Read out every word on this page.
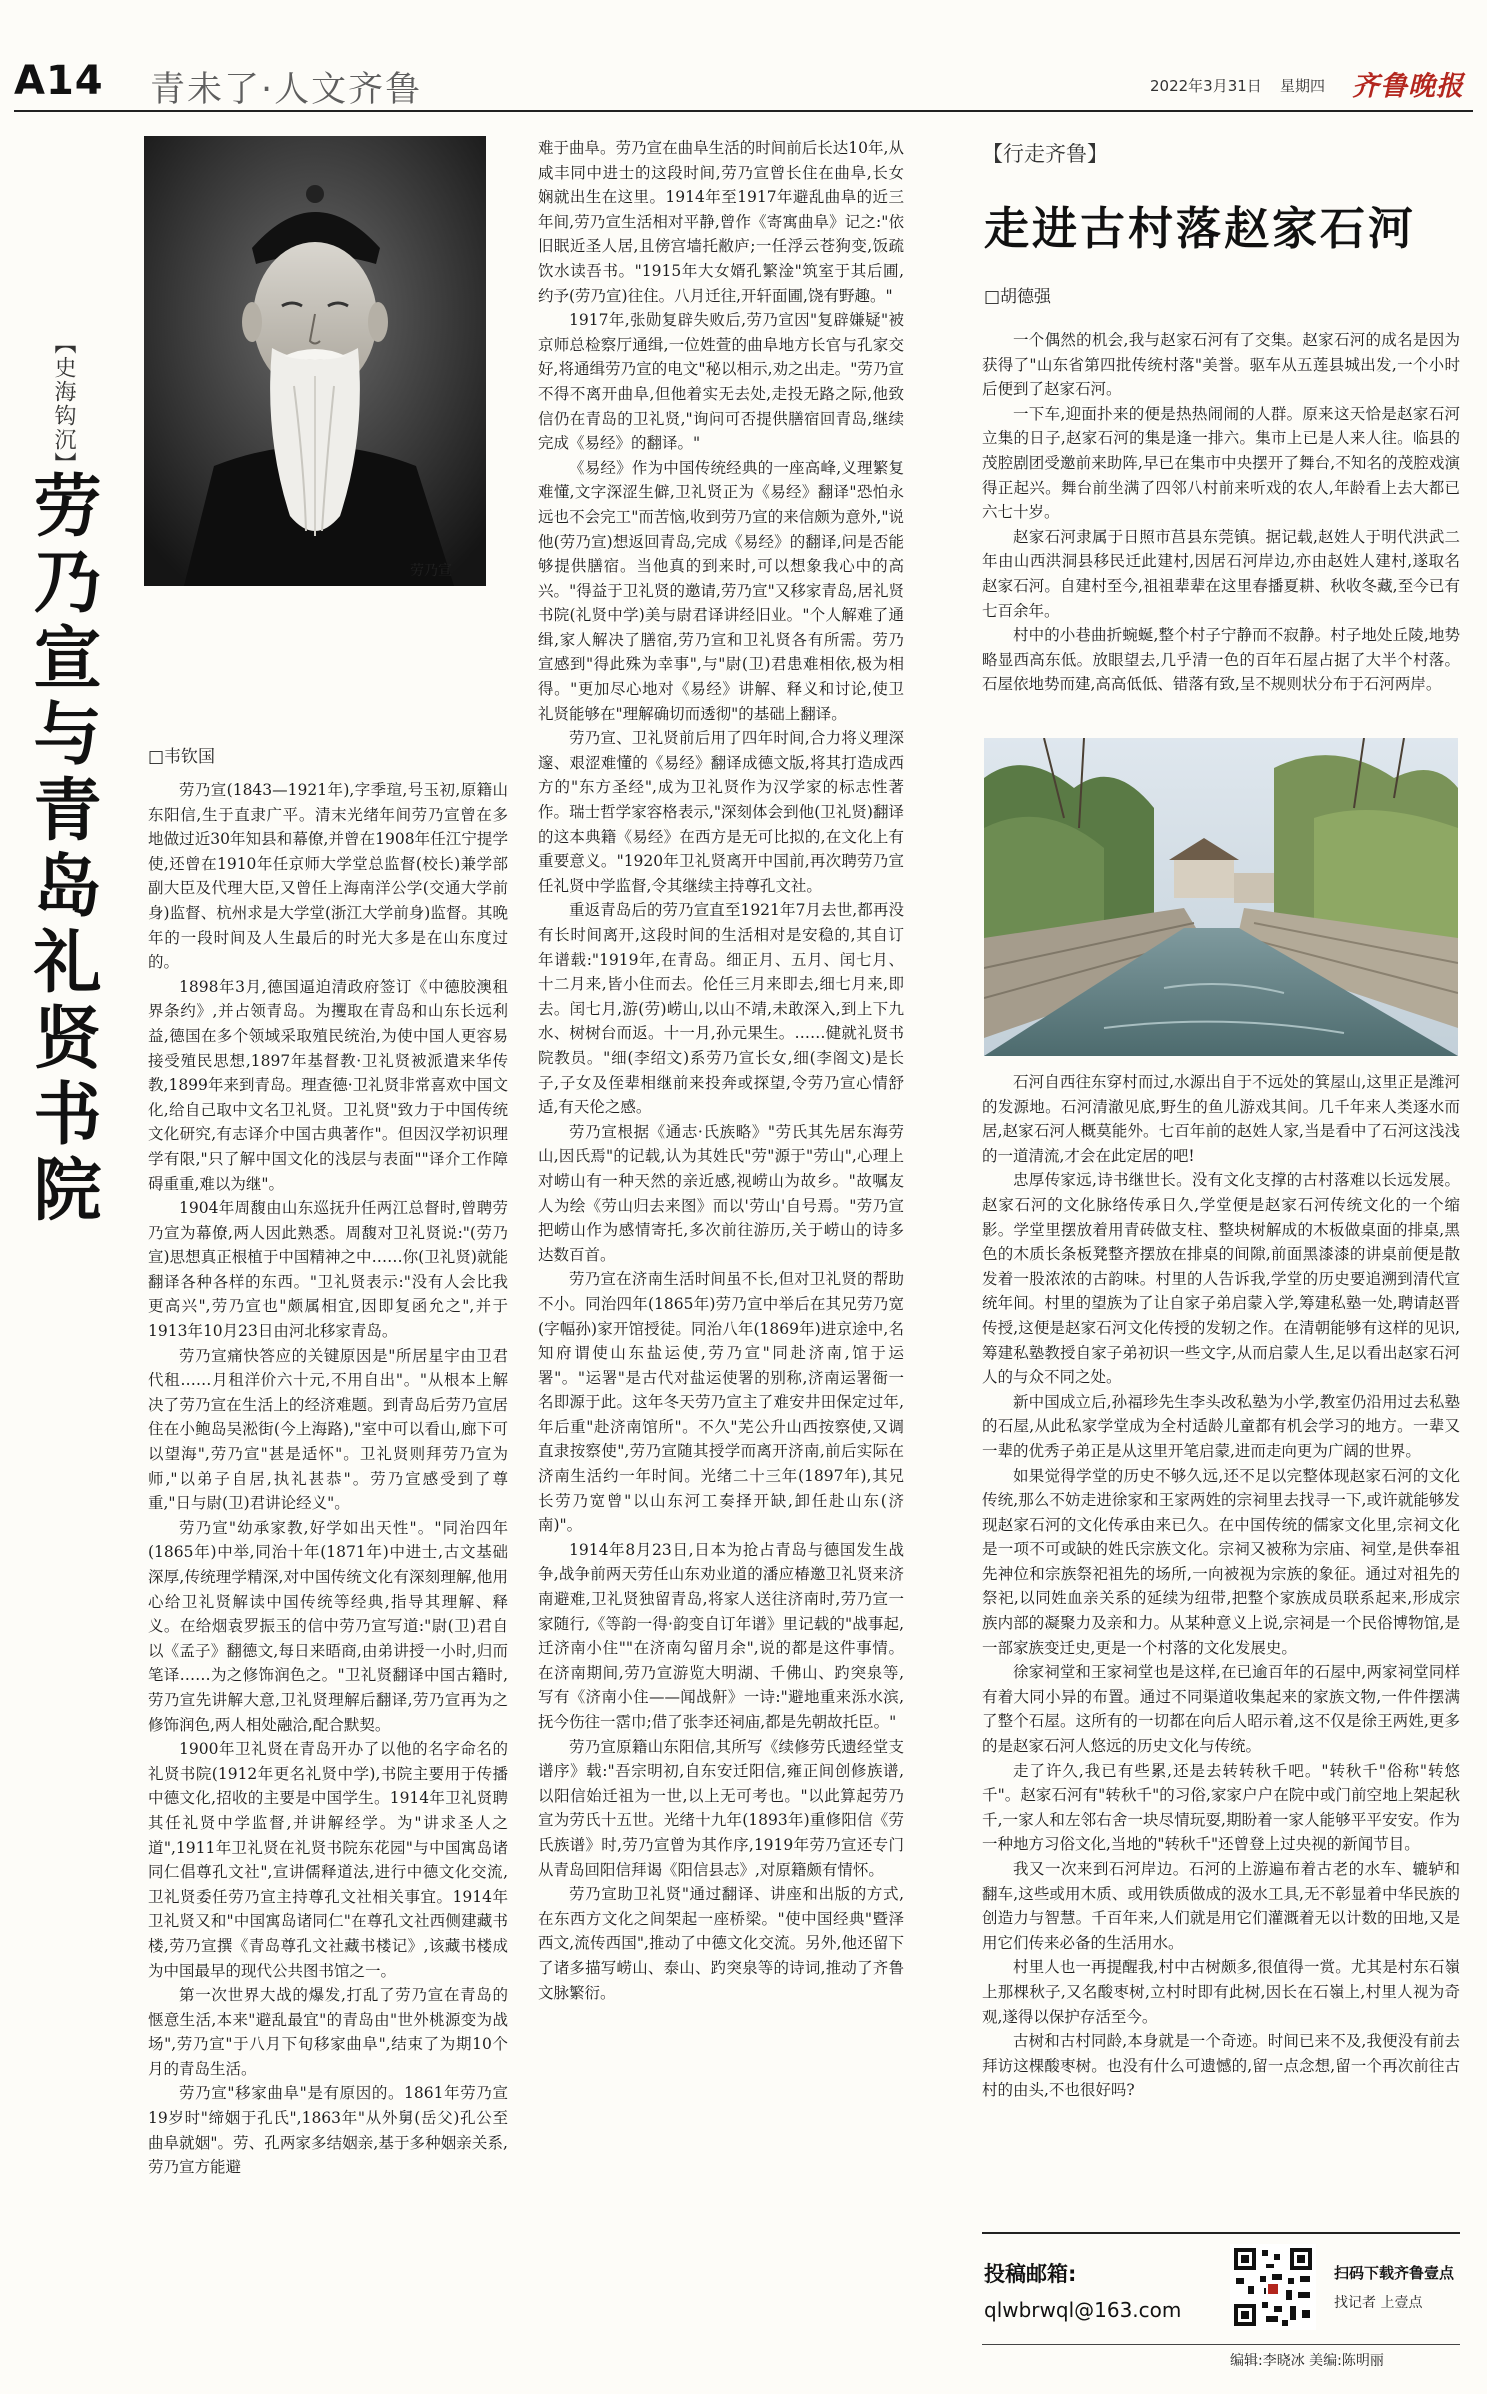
A14 青未了·人文齐鲁	2022年3月31日 星期四 齐鲁晚报
【史海钩沉】
劳乃宣与青岛礼贤书院	劳乃宣
□韦钦国

劳乃宣(1843—1921年),字季瑄,号玉初,原籍山东阳信,生于直隶广平。清末光绪年间劳乃宣曾在多地做过近30年知县和幕僚,并曾在1908年任江宁提学使,还曾在1910年任京师大学堂总监督(校长)兼学部副大臣及代理大臣,又曾任上海南洋公学(交通大学前身)监督、杭州求是大学堂(浙江大学前身)监督。其晚年的一段时间及人生最后的时光大多是在山东度过的。

1898年3月,德国逼迫清政府签订《中德胶澳租界条约》,并占领青岛。为攫取在青岛和山东长远利益,德国在多个领域采取殖民统治,为使中国人更容易接受殖民思想,1897年基督教·卫礼贤被派遣来华传教,1899年来到青岛。理查德·卫礼贤非常喜欢中国文化,给自己取中文名卫礼贤。卫礼贤"致力于中国传统文化研究,有志译介中国古典著作"。但因汉学初识理学有限,"只了解中国文化的浅层与表面""译介工作障碍重重,难以为继"。

1904年周馥由山东巡抚升任两江总督时,曾聘劳乃宣为幕僚,两人因此熟悉。周馥对卫礼贤说:"(劳乃宣)思想真正根植于中国精神之中……你(卫礼贤)就能翻译各种各样的东西。"卫礼贤表示:"没有人会比我更高兴",劳乃宣也"颇属相宜,因即复函允之",并于1913年10月23日由河北移家青岛。

劳乃宣痛快答应的关键原因是"所居星宇由卫君代租……月租洋价六十元,不用自出"。"从根本上解决了劳乃宣在生活上的经济难题。到青岛后劳乃宣居住在小鲍岛吴淞街(今上海路),"室中可以看山,廊下可以望海",劳乃宣"甚是适怀"。卫礼贤则拜劳乃宣为师,"以弟子自居,执礼甚恭"。劳乃宣感受到了尊重,"日与尉(卫)君讲论经义"。

劳乃宣"幼承家教,好学如出天性"。"同治四年(1865年)中举,同治十年(1871年)中进士,古文基础深厚,传统理学精深,对中国传统文化有深刻理解,他用心给卫礼贤解读中国传统等经典,指导其理解、释义。在给烟袁罗振玉的信中劳乃宣写道:"尉(卫)君自以《孟子》翻德文,每日来晤商,由弟讲授一小时,归而笔译……为之修饰润色之。"卫礼贤翻译中国古籍时,劳乃宣先讲解大意,卫礼贤理解后翻译,劳乃宣再为之修饰润色,两人相处融洽,配合默契。

1900年卫礼贤在青岛开办了以他的名字命名的礼贤书院(1912年更名礼贤中学),书院主要用于传播中德文化,招收的主要是中国学生。1914年卫礼贤聘其任礼贤中学监督,并讲解经学。为"讲求圣人之道",1911年卫礼贤在礼贤书院东花园"与中国寓岛诸同仁倡尊孔文社",宣讲儒释道法,进行中德文化交流,卫礼贤委任劳乃宣主持尊孔文社相关事宜。1914年卫礼贤又和"中国寓岛诸同仁"在尊孔文社西侧建藏书楼,劳乃宣撰《青岛尊孔文社藏书楼记》,该藏书楼成为中国最早的现代公共图书馆之一。

第一次世界大战的爆发,打乱了劳乃宣在青岛的惬意生活,本来"避乱最宜"的青岛由"世外桃源变为战场",劳乃宣"于八月下旬移家曲阜",结束了为期10个月的青岛生活。

劳乃宣"移家曲阜"是有原因的。1861年劳乃宣19岁时"缔姻于孔氏",1863年"从外舅(岳父)孔公至曲阜就姻"。劳、孔两家多结姻亲,基于多种姻亲关系,劳乃宣方能避

难于曲阜。劳乃宣在曲阜生活的时间前后长达10年,从咸丰同中进士的这段时间,劳乃宣曾长住在曲阜,长女娴就出生在这里。1914年至1917年避乱曲阜的近三年间,劳乃宣生活相对平静,曾作《寄寓曲阜》记之:"依旧眠近圣人居,且傍宫墙托敝庐;一任浮云苍狗变,饭疏饮水读吾书。"1915年大女婿孔繁淦"筑室于其后圃,约予(劳乃宣)往住。八月迁往,开轩面圃,饶有野趣。"

1917年,张勋复辟失败后,劳乃宣因"复辟嫌疑"被京师总检察厅通缉,一位姓萱的曲阜地方长官与孔家交好,将通缉劳乃宣的电文"秘以相示,劝之出走。"劳乃宣不得不离开曲阜,但他着实无去处,走投无路之际,他致信仍在青岛的卫礼贤,"询问可否提供膳宿回青岛,继续完成《易经》的翻译。"

《易经》作为中国传统经典的一座高峰,义理繁复难懂,文字深涩生僻,卫礼贤正为《易经》翻译"恐怕永远也不会完工"而苦恼,收到劳乃宣的来信颇为意外,"说他(劳乃宣)想返回青岛,完成《易经》的翻译,问是否能够提供膳宿。当他真的到来时,可以想象我心中的高兴。"得益于卫礼贤的邀请,劳乃宣"又移家青岛,居礼贤书院(礼贤中学)美与尉君译讲经旧业。"个人解难了通缉,家人解决了膳宿,劳乃宣和卫礼贤各有所需。劳乃宣感到"得此殊为幸事",与"尉(卫)君患难相依,极为相得。"更加尽心地对《易经》讲解、释义和讨论,使卫礼贤能够在"理解确切而透彻"的基础上翻译。

劳乃宣、卫礼贤前后用了四年时间,合力将义理深邃、艰涩难懂的《易经》翻译成德文版,将其打造成西方的"东方圣经",成为卫礼贤作为汉学家的标志性著作。瑞士哲学家容格表示,"深刻体会到他(卫礼贤)翻译的这本典籍《易经》在西方是无可比拟的,在文化上有重要意义。"1920年卫礼贤离开中国前,再次聘劳乃宣任礼贤中学监督,令其继续主持尊孔文社。

重返青岛后的劳乃宣直至1921年7月去世,都再没有长时间离开,这段时间的生活相对是安稳的,其自订年谱载:"1919年,在青岛。细正月、五月、闰七月、十二月来,皆小住而去。伦任三月来即去,细七月来,即去。闰七月,游(劳)崂山,以山不靖,未敢深入,到上下九水、树树台而返。十一月,孙元果生。……健就礼贤书院教员。"细(李绍文)系劳乃宣长女,细(李阁文)是长子,子女及侄辈相继前来投奔或探望,令劳乃宣心情舒适,有天伦之感。

劳乃宣根据《通志·氏族略》"劳氏其先居东海劳山,因氏焉"的记载,认为其姓氏"劳"源于"劳山",心理上对崂山有一种天然的亲近感,视崂山为故乡。"故嘱友人为绘《劳山归去来图》而以'劳山'自号焉。"劳乃宣把崂山作为感情寄托,多次前往游历,关于崂山的诗多达数百首。

劳乃宣在济南生活时间虽不长,但对卫礼贤的帮助不小。同治四年(1865年)劳乃宣中举后在其兄劳乃宽(字幅孙)家开馆授徒。同治八年(1869年)进京途中,名知府谓使山东盐运使,劳乃宣"同赴济南,馆于运署"。"运署"是古代对盐运使署的别称,济南运署衙一名即源于此。这年冬天劳乃宣主了难安井田保定过年,年后重"赴济南馆所"。不久"芜公升山西按察使,又调直隶按察使",劳乃宣随其授学而离开济南,前后实际在济南生活约一年时间。光绪二十三年(1897年),其兄长劳乃宽曾"以山东河工奏择开缺,卸任赴山东(济南)"。

1914年8月23日,日本为抢占青岛与德国发生战争,战争前两天劳任山东劝业道的潘应椿邀卫礼贤来济南避难,卫礼贤独留青岛,将家人送往济南时,劳乃宣一家随行,《等韵一得·韵变自订年谱》里记载的"战事起,迁济南小住""在济南勾留月余",说的都是这件事情。在济南期间,劳乃宣游览大明湖、千佛山、趵突泉等,写有《济南小住——闻战鼾》一诗:"避地重来泺水滨,抚今伤往一霑巾;借了张李还祠庙,都是先朝故托臣。"

劳乃宣原籍山东阳信,其所写《续修劳氏遗经堂支谱序》载:"吾宗明初,自东安迁阳信,雍正间创修族谱,以阳信始迁祖为一世,以上无可考也。"以此算起劳乃宣为劳氏十五世。光绪十九年(1893年)重修阳信《劳氏族谱》时,劳乃宣曾为其作序,1919年劳乃宣还专门从青岛回阳信拜谒《阳信县志》,对原籍颇有情怀。

劳乃宣助卫礼贤"通过翻译、讲座和出版的方式,在东西方文化之间架起一座桥梁。"使中国经典"暨泽西文,流传西国",推动了中德文化交流。另外,他还留下了诸多描写崂山、泰山、趵突泉等的诗词,推动了齐鲁文脉繁衍。

【行走齐鲁】
走进古村落赵家石河
□胡德强

一个偶然的机会,我与赵家石河有了交集。赵家石河的成名是因为获得了"山东省第四批传统村落"美誉。驱车从五莲县城出发,一个小时后便到了赵家石河。

一下车,迎面扑来的便是热热闹闹的人群。原来这天恰是赵家石河立集的日子,赵家石河的集是逢一排六。集市上已是人来人往。临县的茂腔剧团受邀前来助阵,早已在集市中央摆开了舞台,不知名的茂腔戏演得正起兴。舞台前坐满了四邻八村前来听戏的农人,年龄看上去大都已六七十岁。

赵家石河隶属于日照市莒县东莞镇。据记载,赵姓人于明代洪武二年由山西洪洞县移民迁此建村,因居石河岸边,亦由赵姓人建村,遂取名赵家石河。自建村至今,祖祖辈辈在这里春播夏耕、秋收冬藏,至今已有七百余年。

村中的小巷曲折蜿蜒,整个村子宁静而不寂静。村子地处丘陵,地势略显西高东低。放眼望去,几乎清一色的百年石屋占据了大半个村落。石屋依地势而建,高高低低、错落有致,呈不规则状分布于石河两岸。

石河自西往东穿村而过,水源出自于不远处的箕屋山,这里正是潍河的发源地。石河清澈见底,野生的鱼儿游戏其间。几千年来人类逐水而居,赵家石河人概莫能外。七百年前的赵姓人家,当是看中了石河这浅浅的一道清流,才会在此定居的吧!

忠厚传家远,诗书继世长。没有文化支撑的古村落难以长远发展。赵家石河的文化脉络传承日久,学堂便是赵家石河传统文化的一个缩影。学堂里摆放着用青砖做支柱、整块树解成的木板做桌面的排桌,黑色的木质长条板凳整齐摆放在排桌的间隙,前面黑漆漆的讲桌前便是散发着一股浓浓的古韵味。村里的人告诉我,学堂的历史要追溯到清代宣统年间。村里的望族为了让自家子弟启蒙入学,筹建私塾一处,聘请赵晋传授,这便是赵家石河文化传授的发轫之作。在清朝能够有这样的见识,筹建私塾教授自家子弟初识一些文字,从而启蒙人生,足以看出赵家石河人的与众不同之处。

新中国成立后,孙福珍先生李头改私塾为小学,教室仍沿用过去私塾的石屋,从此私家学堂成为全村适龄儿童都有机会学习的地方。一辈又一辈的优秀子弟正是从这里开笔启蒙,进而走向更为广阔的世界。

如果觉得学堂的历史不够久远,还不足以完整体现赵家石河的文化传统,那么不妨走进徐家和王家两姓的宗祠里去找寻一下,或许就能够发现赵家石河的文化传承由来已久。在中国传统的儒家文化里,宗祠文化是一项不可或缺的姓氏宗族文化。宗祠又被称为宗庙、祠堂,是供奉祖先神位和宗族祭祀祖先的场所,一向被视为宗族的象征。通过对祖先的祭祀,以同姓血亲关系的延续为纽带,把整个家族成员联系起来,形成宗族内部的凝聚力及亲和力。从某种意义上说,宗祠是一个民俗博物馆,是一部家族变迁史,更是一个村落的文化发展史。

徐家祠堂和王家祠堂也是这样,在已逾百年的石屋中,两家祠堂同样有着大同小异的布置。通过不同渠道收集起来的家族文物,一件件摆满了整个石屋。这所有的一切都在向后人昭示着,这不仅是徐王两姓,更多的是赵家石河人悠远的历史文化与传统。

走了许久,我已有些累,还是去转转秋千吧。"转秋千"俗称"转悠千"。赵家石河有"转秋千"的习俗,家家户户在院中或门前空地上架起秋千,一家人和左邻右舍一块尽情玩耍,期盼着一家人能够平平安安。作为一种地方习俗文化,当地的"转秋千"还曾登上过央视的新闻节目。

我又一次来到石河岸边。石河的上游遍布着古老的水车、辘轳和翻车,这些或用木质、或用铁质做成的汲水工具,无不彰显着中华民族的创造力与智慧。千百年来,人们就是用它们灌溉着无以计数的田地,又是用它们传来必备的生活用水。

村里人也一再提醒我,村中古树颇多,很值得一赏。尤其是村东石嶺上那棵秋子,又名酸枣树,立村时即有此树,因长在石嶺上,村里人视为奇观,遂得以保护存活至今。

古树和古村同龄,本身就是一个奇迹。时间已来不及,我便没有前去拜访这棵酸枣树。也没有什么可遗憾的,留一点念想,留一个再次前往古村的由头,不也很好吗?

投稿邮箱:
qlwbrwql@163.com
扫码下载齐鲁壹点
找记者 上壹点
编辑:李晓冰 美编:陈明丽
